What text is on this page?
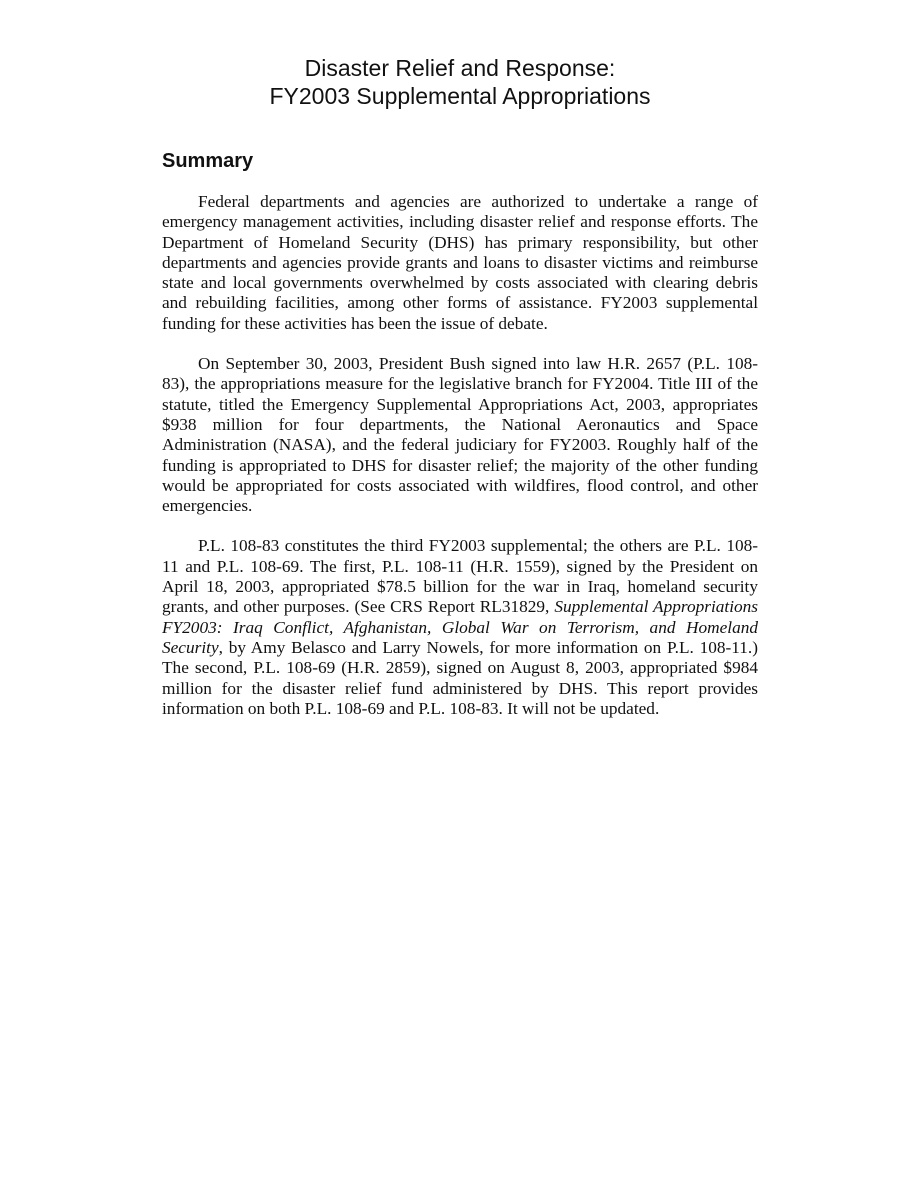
Disaster Relief and Response:
FY2003 Supplemental Appropriations
Summary

Federal departments and agencies are authorized to undertake a range of emergency management activities, including disaster relief and response efforts. The Department of Homeland Security (DHS) has primary responsibility, but other departments and agencies provide grants and loans to disaster victims and reimburse state and local governments overwhelmed by costs associated with clearing debris and rebuilding facilities, among other forms of assistance. FY2003 supplemental funding for these activities has been the issue of debate.

On September 30, 2003, President Bush signed into law H.R. 2657 (P.L. 108-83), the appropriations measure for the legislative branch for FY2004. Title III of the statute, titled the Emergency Supplemental Appropriations Act, 2003, appropriates $938 million for four departments, the National Aeronautics and Space Administration (NASA), and the federal judiciary for FY2003. Roughly half of the funding is appropriated to DHS for disaster relief; the majority of the other funding would be appropriated for costs associated with wildfires, flood control, and other emergencies.

P.L. 108-83 constitutes the third FY2003 supplemental; the others are P.L. 108-11 and P.L. 108-69. The first, P.L. 108-11 (H.R. 1559), signed by the President on April 18, 2003, appropriated $78.5 billion for the war in Iraq, homeland security grants, and other purposes. (See CRS Report RL31829, Supplemental Appropriations FY2003: Iraq Conflict, Afghanistan, Global War on Terrorism, and Homeland Security, by Amy Belasco and Larry Nowels, for more information on P.L. 108-11.) The second, P.L. 108-69 (H.R. 2859), signed on August 8, 2003, appropriated $984 million for the disaster relief fund administered by DHS. This report provides information on both P.L. 108-69 and P.L. 108-83. It will not be updated.
